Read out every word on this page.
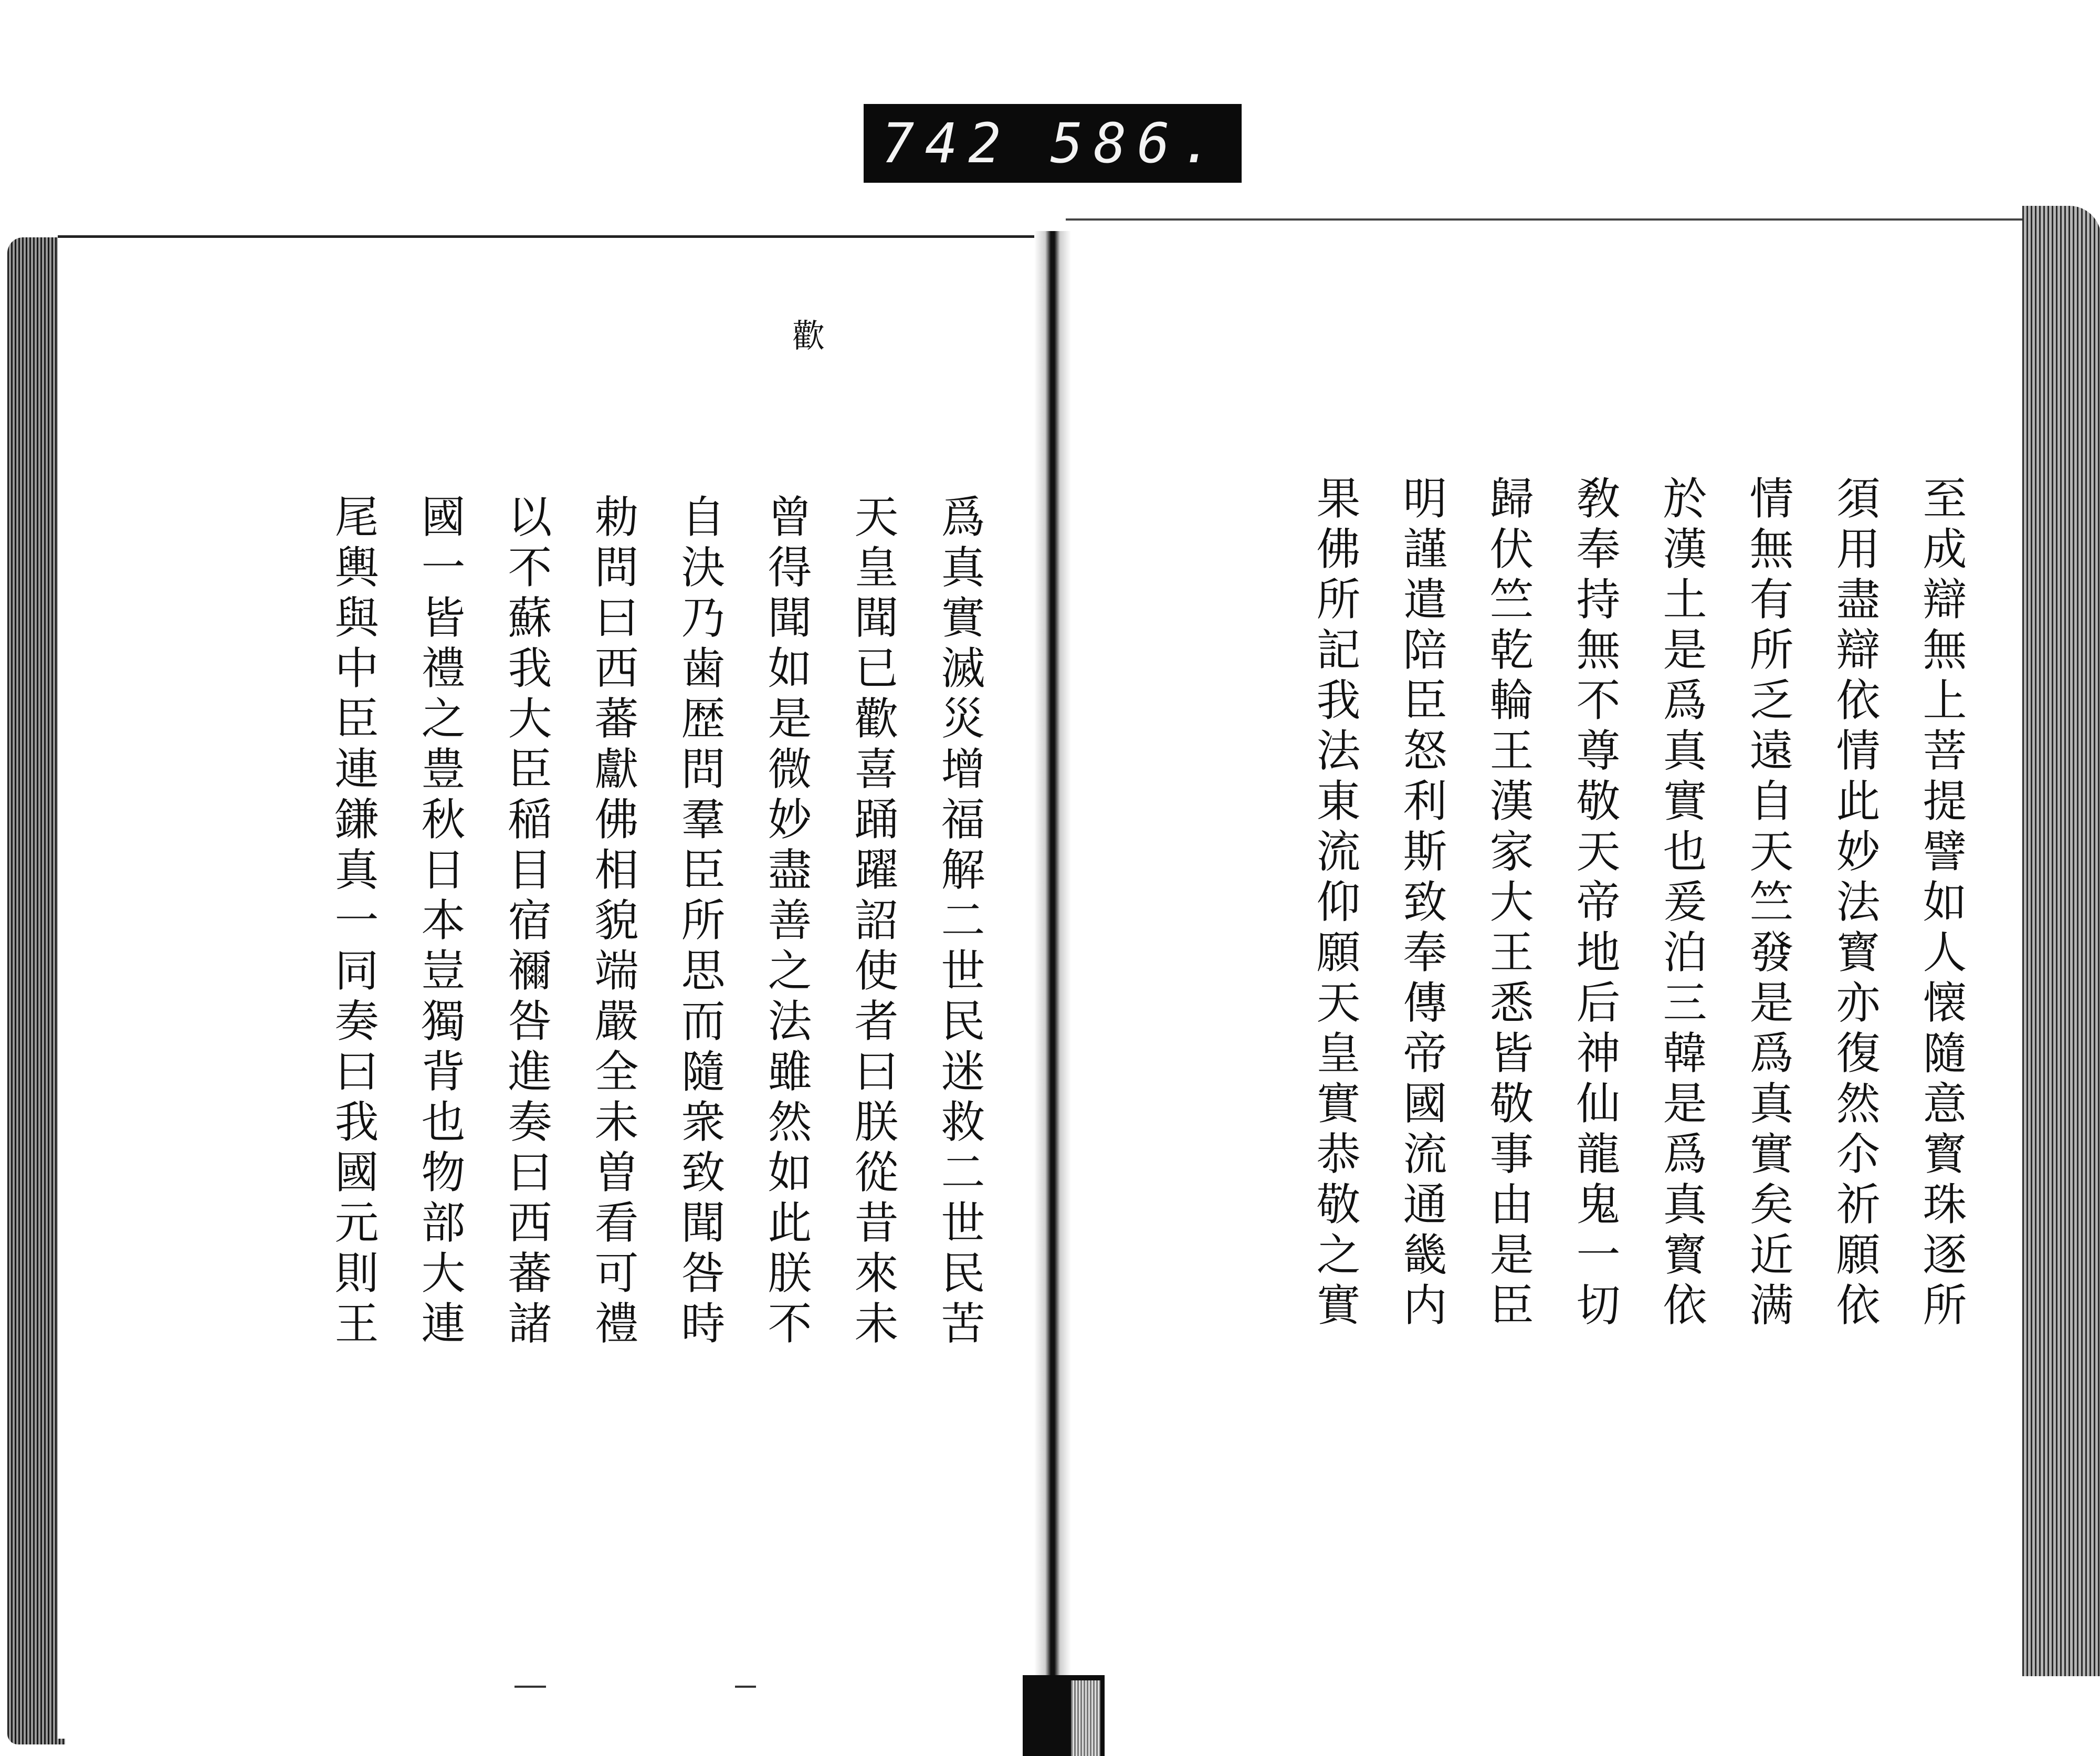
742 586.
歡
爲真實滅災增福解二世民迷救二世民苦
天皇聞已歡喜踊躍詔使者曰朕從昔來未
曾得聞如是微妙盡善之法雖然如此朕不
自決乃歯歴問羣臣所思而隨衆致聞咎時
勅問曰西蕃獻佛相貌端嚴全未曽看可禮
以不蘇我大臣稲目宿禰咎進奏曰西蕃諸
國一皆禮之豊秋日本豈獨背也物部大連
尾輿與中臣連鎌真一同奏曰我國元則王	至成辯無上菩提譬如人懐隨意寳珠逐所
須用盡辯依情此妙法寳亦復然尒祈願依
情無有所乏遠自天竺發是爲真實矣近满
於漢土是爲真實也爰泊三韓是爲真寳依
敎奉持無不尊敬天帝地后神仙龍鬼一切
歸伏竺乾輪王漢家大王悉皆敬事由是臣
明謹遣陪臣怒利斯致奉傳帝國流通畿内
果佛所記我法東流仰願天皇實恭敬之實
